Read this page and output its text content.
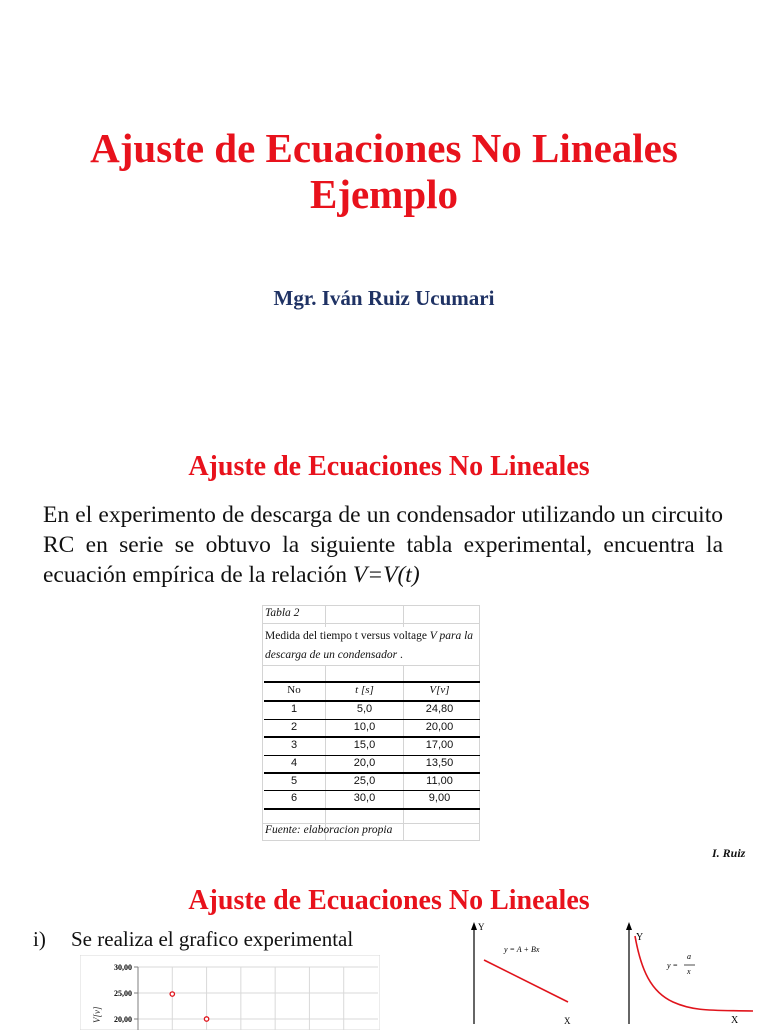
Ajuste de Ecuaciones No Lineales
Ejemplo
Mgr. Iván Ruiz Ucumari
Ajuste de Ecuaciones No Lineales
En el experimento de descarga de un condensador utilizando un circuito RC en serie se obtuvo la siguiente tabla experimental, encuentra la ecuación empírica de la relación V=V(t)
Tabla 2
Medida del tiempo t versus voltage V para la descarga de un condensador .
No	t [s]	V[v]
1	5,0	24,80
2	10,0	20,00
3	15,0	17,00
4	20,0	13,50
5	25,0	11,00
6	30,0	9,00
Fuente: elaboracion propia
I. Ruiz
Ajuste de Ecuaciones No Lineales
i) Se realiza el grafico experimental
30,00
25,00
20,00
V[v]
Y
y = A + Bx
X
Y
y =
a
x
X
